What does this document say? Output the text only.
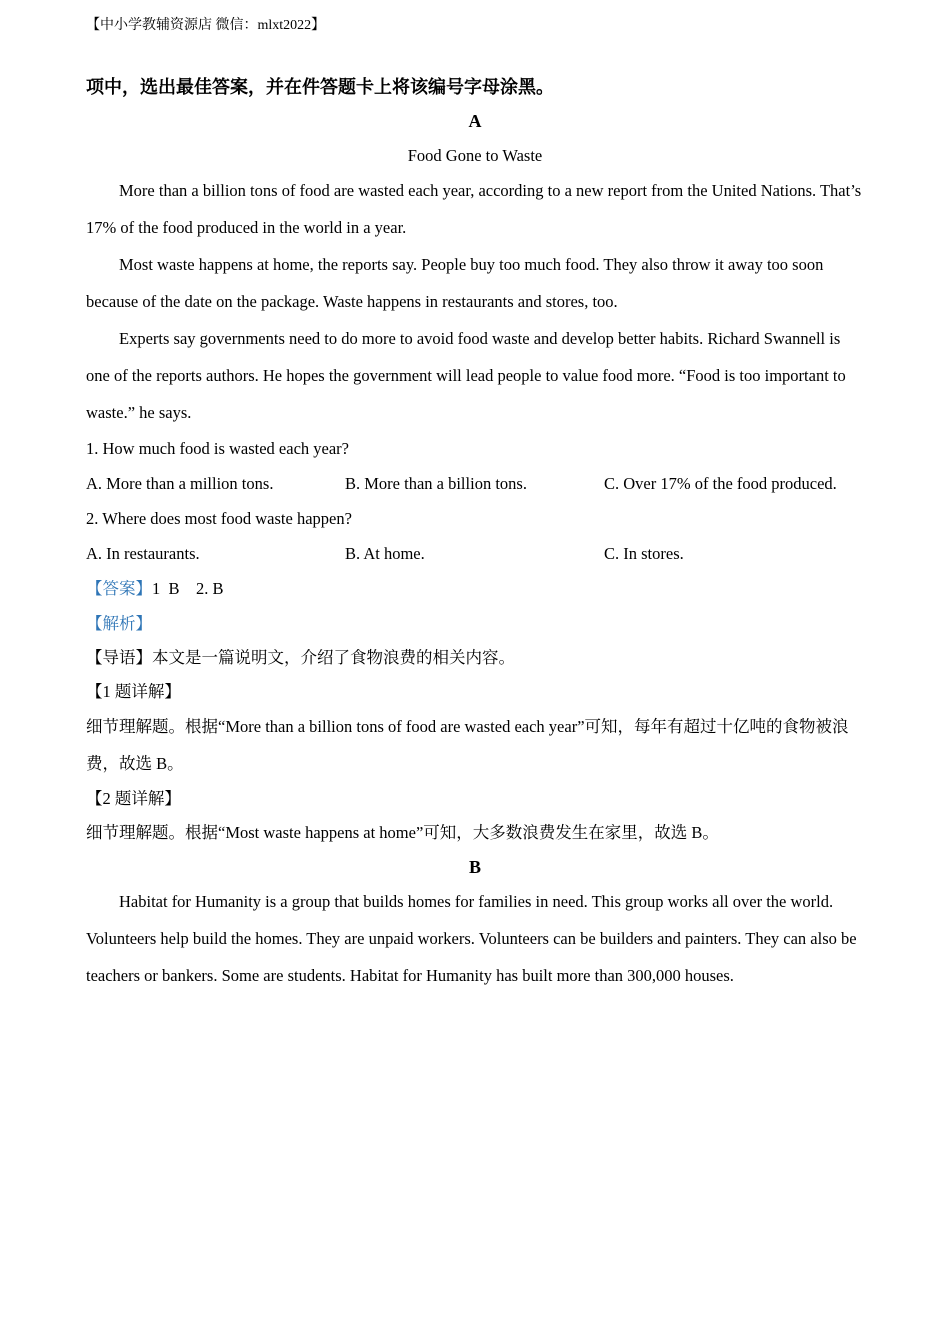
【中小学教辅资源店 微信：mlxt2022】

项中，选出最佳答案，并在件答题卡上将该编号字母涂黑。

A

Food Gone to Waste

More than a billion tons of food are wasted each year, according to a new report from the United Nations. That’s 17% of the food produced in the world in a year.

Most waste happens at home, the reports say. People buy too much food. They also throw it away too soon because of the date on the package. Waste happens in restaurants and stores, too.

Experts say governments need to do more to avoid food waste and develop better habits. Richard Swannell is one of the reports authors. He hopes the government will lead people to value food more. “Food is too important to waste.” he says.

1. How much food is wasted each year?

A. More than a million tons.	B. More than a billion tons.	C. Over 17% of the food produced.

2. Where does most food waste happen?

A. In restaurants.	B. At home.	C. In stores.

【答案】1  B    2. B

【解析】

【导语】本文是一篇说明文，介绍了食物浪费的相关内容。

【1 题详解】

细节理解题。根据“More than a billion tons of food are wasted each year”可知，每年有超过十亿吨的食物被浪费，故选 B。

【2 题详解】

细节理解题。根据“Most waste happens at home”可知，大多数浪费发生在家里，故选 B。

B

Habitat for Humanity is a group that builds homes for families in need. This group works all over the world. Volunteers help build the homes. They are unpaid workers. Volunteers can be builders and painters. They can also be teachers or bankers. Some are students. Habitat for Humanity has built more than 300,000 houses.
